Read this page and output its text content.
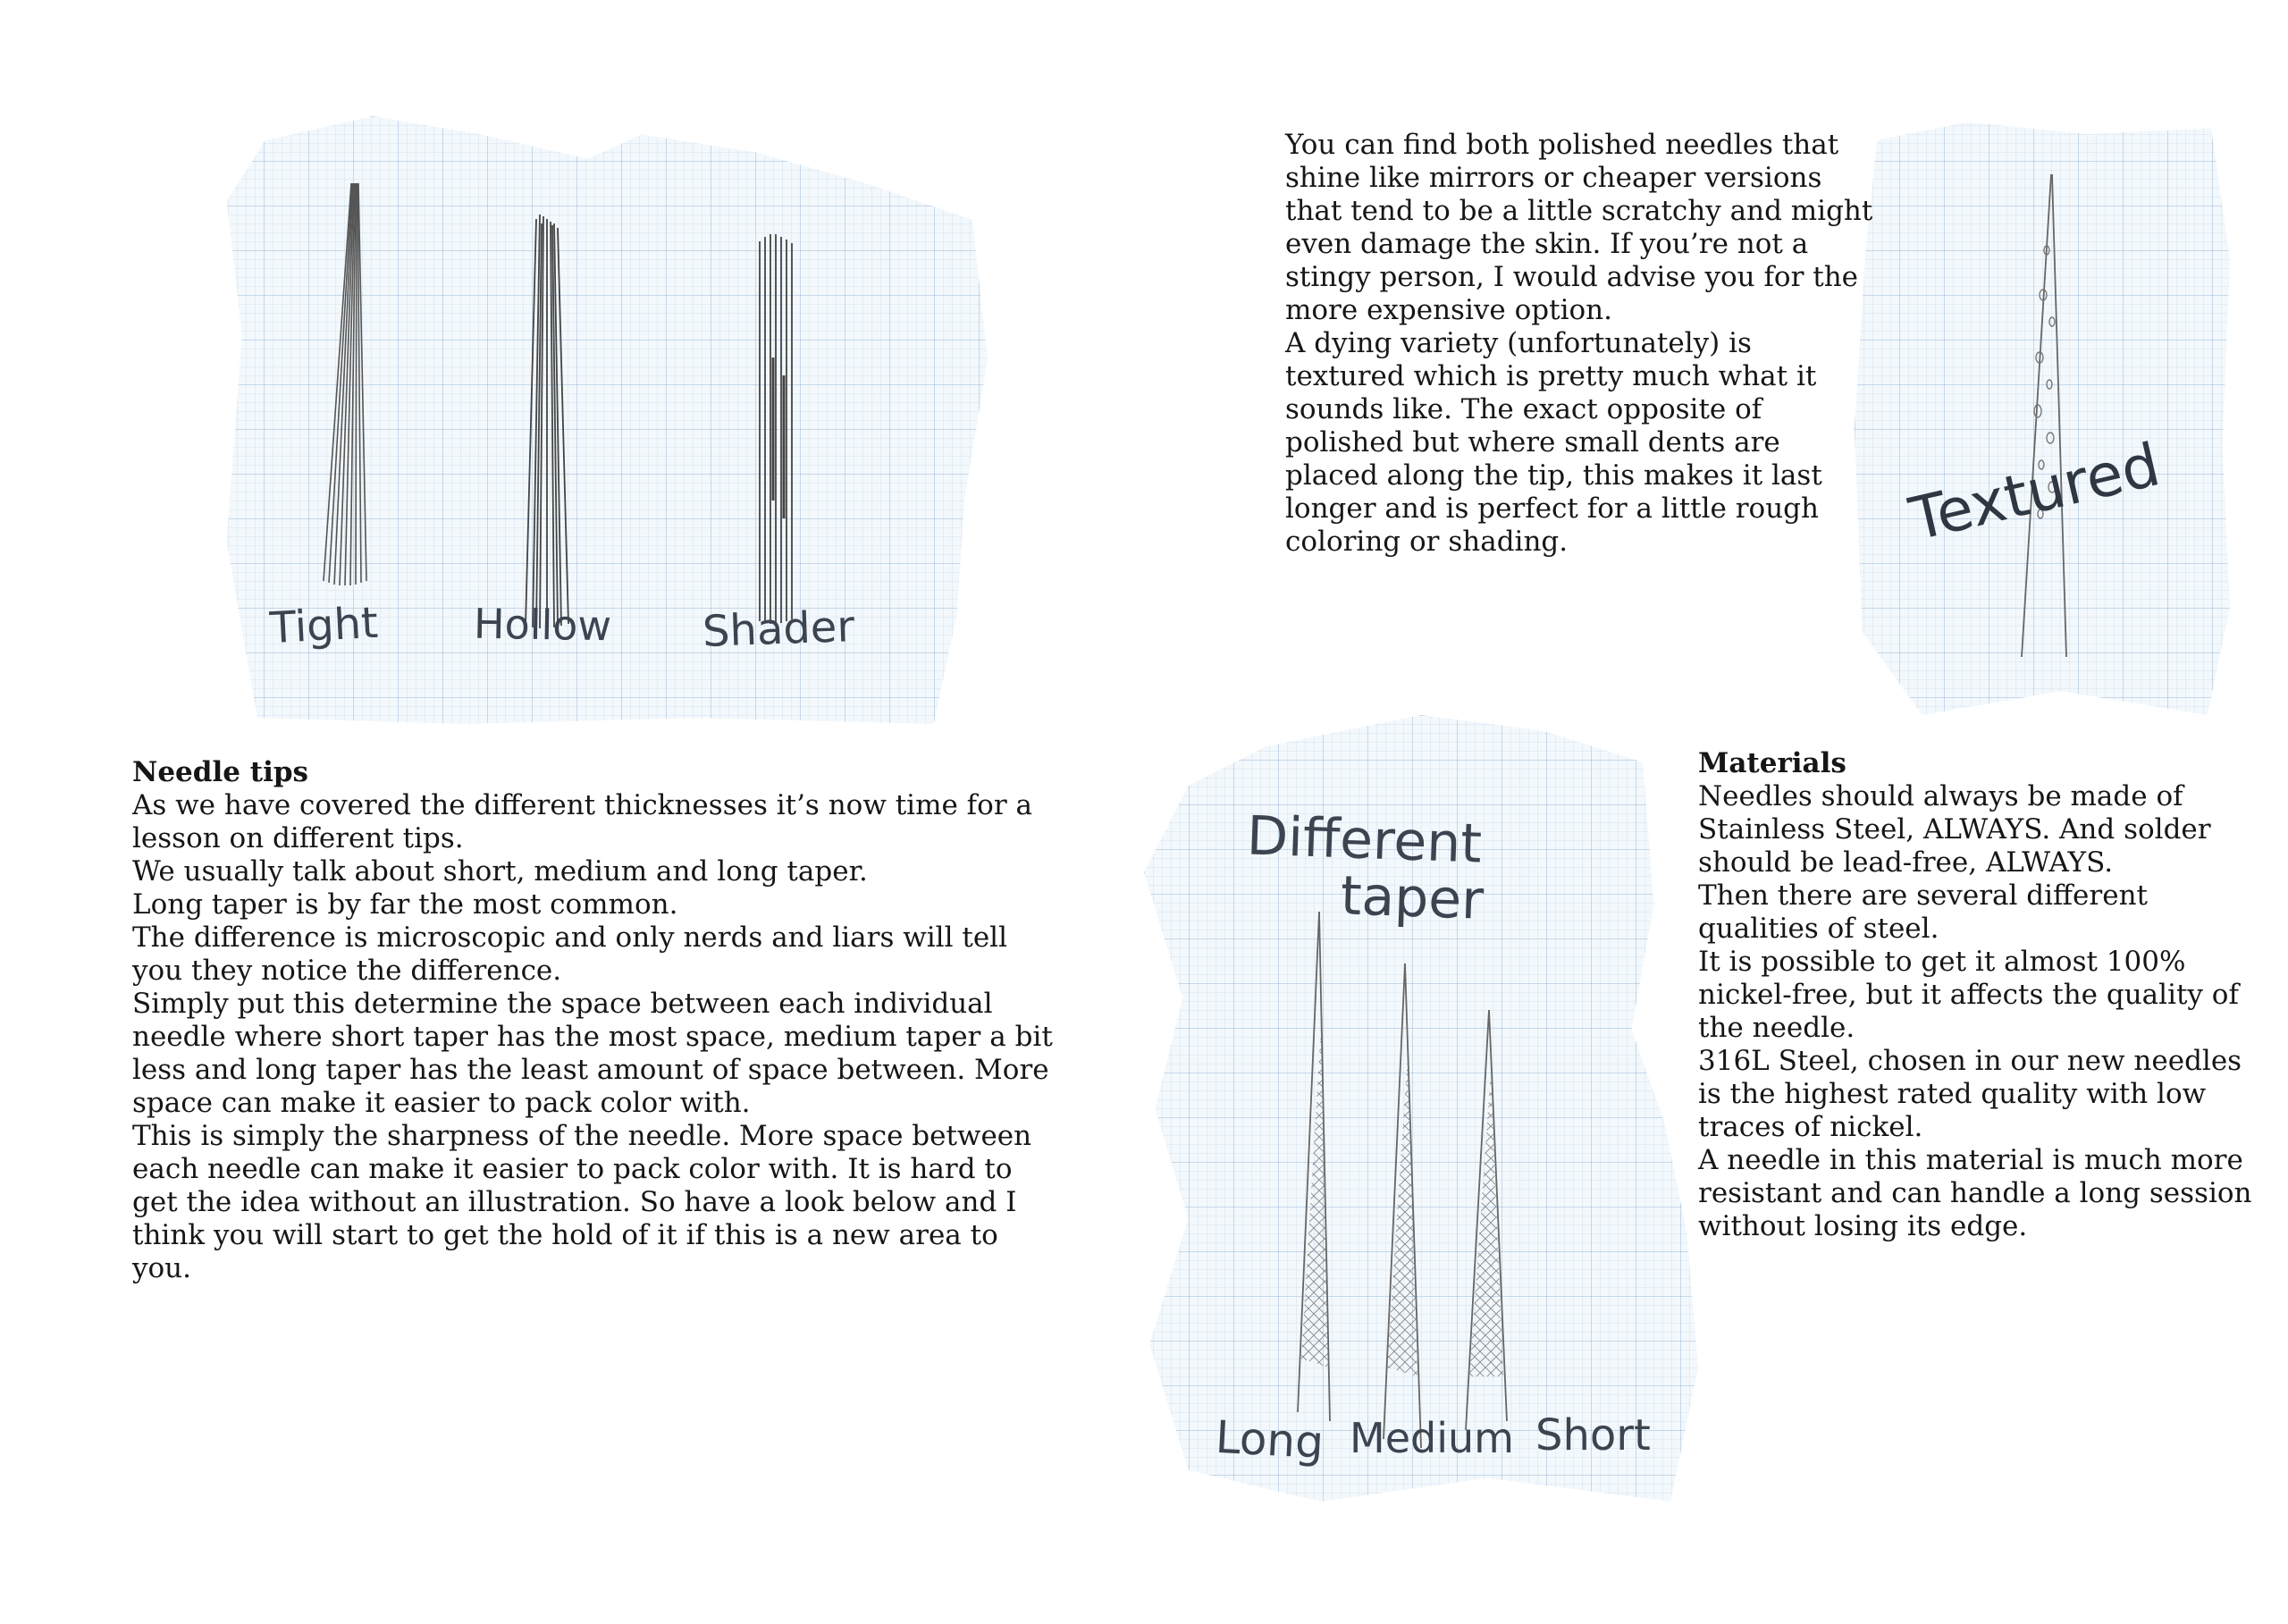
Tight Hollow Shader
Textured

You can find both polished needles that shine like mirrors or cheaper versions that tend to be a little scratchy and might even damage the skin. If you’re not a stingy person, I would advise you for the more expensive option.

A dying variety (unfortunately) is textured which is pretty much what it sounds like. The exact opposite of polished but where small dents are placed along the tip, this makes it last longer and is perfect for a little rough coloring or shading.

Needle tips

As we have covered the different thicknesses it’s now time for a lesson on different tips.

We usually talk about short, medium and long taper.

Long taper is by far the most common.

The difference is microscopic and only nerds and liars will tell you they notice the difference.

Simply put this determine the space between each individual needle where short taper has the most space, medium taper a bit less and long taper has the least amount of space between. More space can make it easier to pack color with.

This is simply the sharpness of the needle. More space between each needle can make it easier to pack color with. It is hard to get the idea without an illustration. So have a look below and I think you will start to get the hold of it if this is a new area to you.

Different
taper
Long Medium Short
Materials

Needles should always be made of Stainless Steel, ALWAYS. And solder should be lead-free, ALWAYS.

Then there are several different qualities of steel.

It is possible to get it almost 100% nickel-free, but it affects the quality of the needle.

316L Steel, chosen in our new needles is the highest rated quality with low traces of nickel.

A needle in this material is much more resistant and can handle a long session without losing its edge.
